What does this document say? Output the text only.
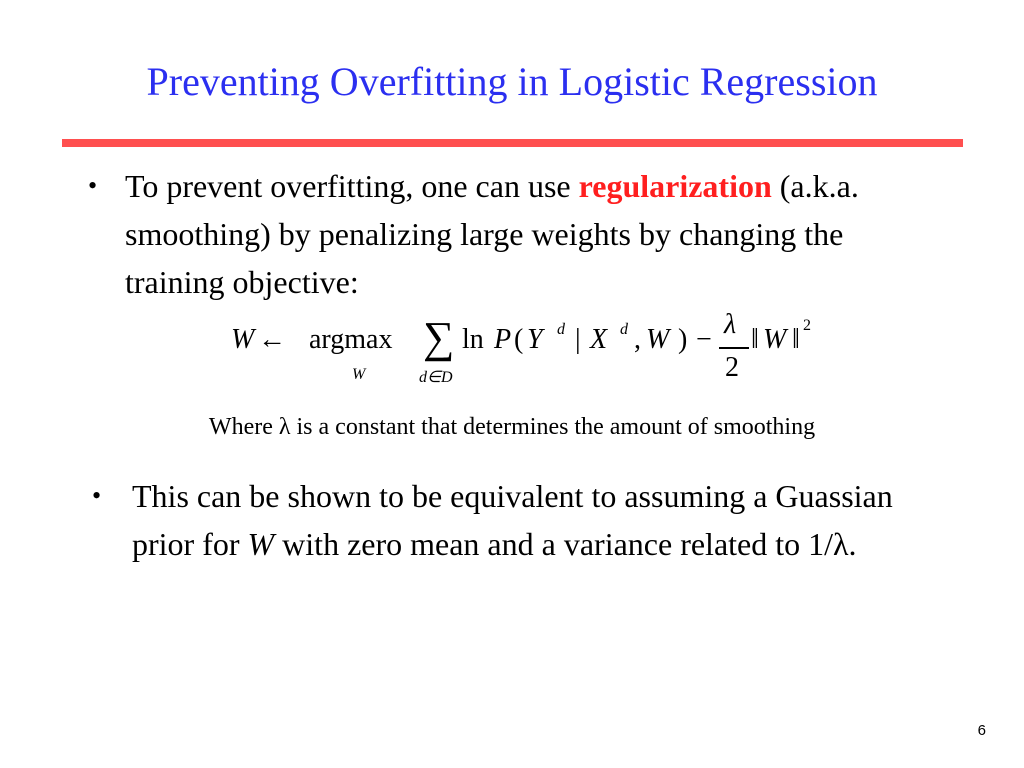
Preventing Overfitting in Logistic Regression
• To prevent overfitting, one can use regularization (a.k.a. smoothing) by penalizing large weights by changing the training objective:
W ← argmax
W
∑
d∈D
ln P ( Y d | X d , W ) − λ
2
‖ W ‖ 2
Where λ is a constant that determines the amount of smoothing
• This can be shown to be equivalent to assuming a Guassian prior for W with zero mean and a variance related to 1/λ.
6
